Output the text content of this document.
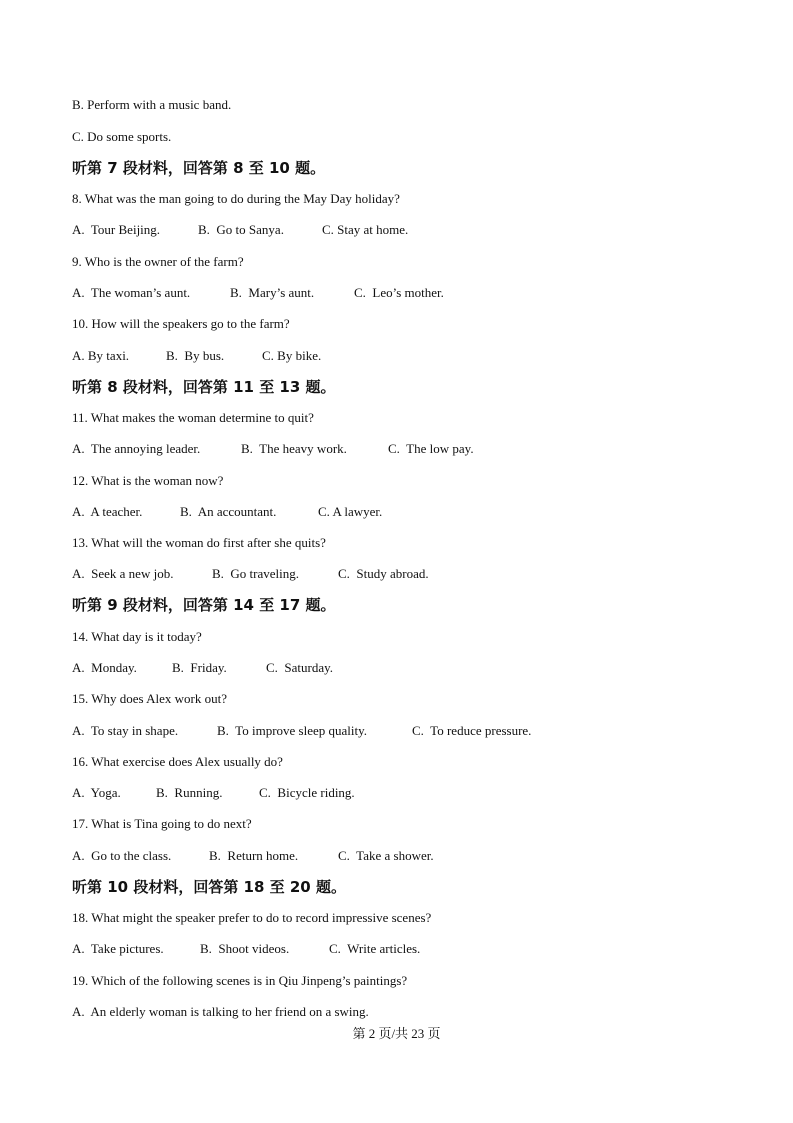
B. Perform with a music band.
C. Do some sports.
听第 7 段材料，回答第 8 至 10 题。
8. What was the man going to do during the May Day holiday?
A.  Tour Beijing.	B.  Go to Sanya.	C. Stay at home.
9. Who is the owner of the farm?
A.  The woman’s aunt.	B.  Mary’s aunt.	C.  Leo’s mother.
10. How will the speakers go to the farm?
A. By taxi.	B.  By bus.	C. By bike.
听第 8 段材料，回答第 11 至 13 题。
11. What makes the woman determine to quit?
A.  The annoying leader.	B.  The heavy work.	C.  The low pay.
12. What is the woman now?
A.  A teacher.	B.  An accountant.	C. A lawyer.
13. What will the woman do first after she quits?
A.  Seek a new job.	B.  Go traveling.	C.  Study abroad.
听第 9 段材料，回答第 14 至 17 题。
14. What day is it today?
A.  Monday.	B.  Friday.	C.  Saturday.
15. Why does Alex work out?
A.  To stay in shape.	B.  To improve sleep quality.	C.  To reduce pressure.
16. What exercise does Alex usually do?
A.  Yoga.	B.  Running.	C.  Bicycle riding.
17. What is Tina going to do next?
A.  Go to the class.	B.  Return home.	C.  Take a shower.
听第 10 段材料，回答第 18 至 20 题。
18. What might the speaker prefer to do to record impressive scenes?
A.  Take pictures.	B.  Shoot videos.	C.  Write articles.
19. Which of the following scenes is in Qiu Jinpeng’s paintings?
A.  An elderly woman is talking to her friend on a swing.
第 2 页/共 23 页
